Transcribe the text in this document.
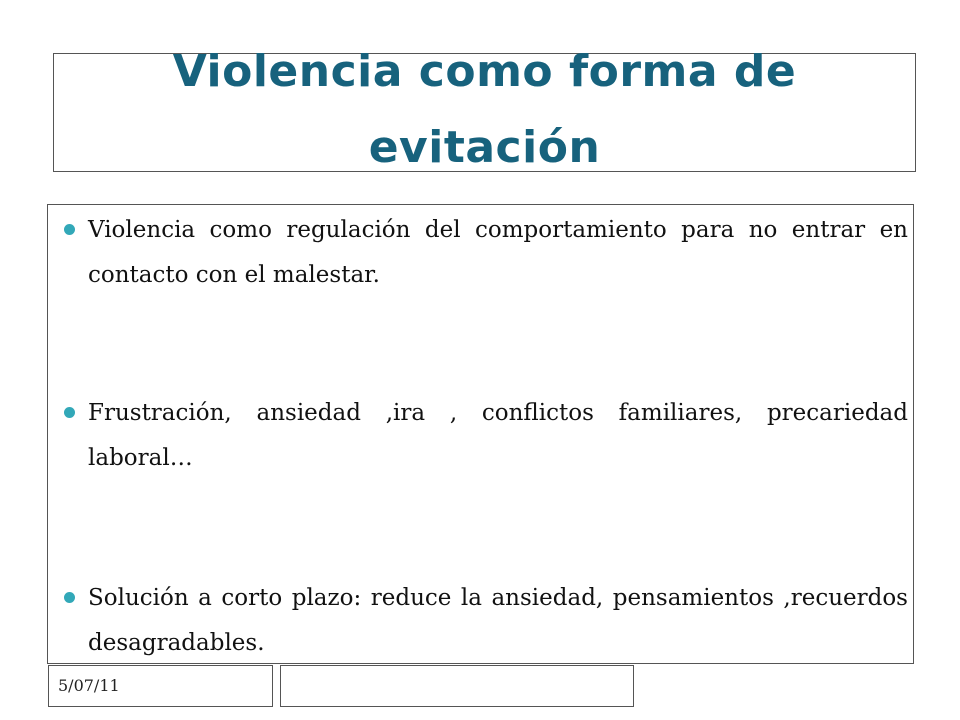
Violencia como forma de evitación
Violencia como regulación del comportamiento para no entrar en contacto con el malestar.
Frustración, ansiedad ,ira , conflictos familiares, precariedad laboral…
Solución a corto plazo: reduce la ansiedad, pensamientos ,recuerdos desagradables.
5/07/11
